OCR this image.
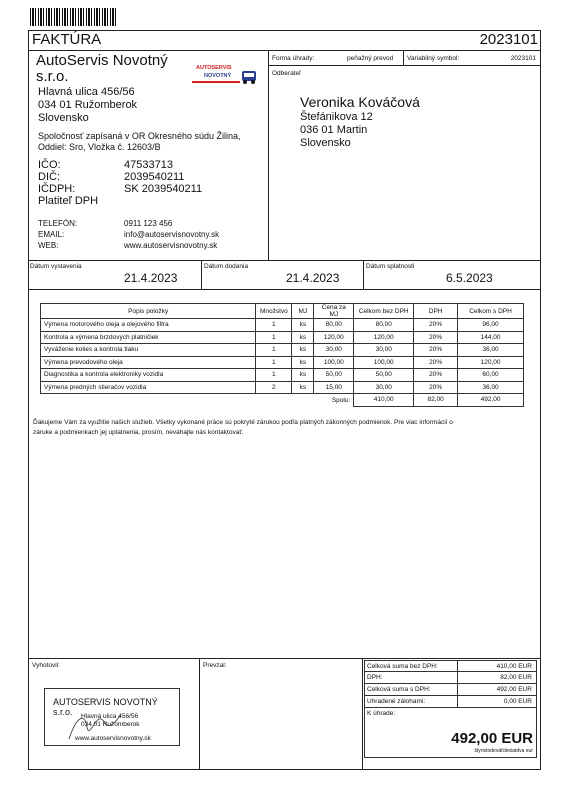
FAKTÚRA	2023101
AutoServis Novotný
s.r.o.
Hlavná ulica 456/56
034 01 Ružomberok
Slovensko
Spoločnosť zapísaná v OR Okresného súdu Žilina,
Oddiel: Sro, Vložka č. 12603/B
AUTOSERVIS
NOVOTNÝ
IČO:	47533713
DIČ:	2039540211
IČDPH:	SK 2039540211
Platiteľ DPH
TELEFÓN:	0911 123 456
EMAIL:	info@autoservisnovotny.sk
WEB:	www.autoservisnovotny.sk
Forma úhrady:	peňažný prevod Variabilný symbol:	2023101
Odberateľ
Veronika Kováčová
Štefánikova 12
036 01 Martin
Slovensko
Dátum vystavenia
21.4.2023
Dátum dodania
21.4.2023
Dátum splatnosti
6.5.2023
Popis položky	Množstvo	MJ	Cena za MJ	Celkom bez DPH	DPH	Celkom s DPH
Výmena motorového oleja a olejového filtra	1	ks	80,00	80,00	20%	96,00
Kontrola a výmena brzdových platničiek	1	ks	120,00	120,00	20%	144,00
Vyváženie kolies a kontrola tlaku	1	ks	30,00	30,00	20%	36,00
Výmena prevodového oleja	1	ks	100,00	100,00	20%	120,00
Diagnostika a kontrola elektroniky vozidla	1	ks	50,00	50,00	20%	60,00
Výmena predných stieračov vozidla	2	ks	15,00	30,00	20%	36,00
Spolu:				410,00	82,00	492,00
Ďakujeme Vám za využitie našich služieb. Všetky vykonané práce sú pokryté zárukou podľa platných zákonných podmienok. Pre viac informácií o
záruke a podmienkach jej uplatnenia, prosím, neváhajte nás kontaktovať.
Vyhotovil:	Prevzal:
AUTOSERVIS NOVOTNÝ s.r.o.	Hlavná ulica 456/56
034 01 Ružomberok
www.autoservisnovotny.sk
Celková suma bez DPH:	410,00 EUR
DPH:	82,00 EUR
Celková suma s DPH:	492,00 EUR
Uhradené zálohami:	0,00 EUR
K úhrade:
492,00 EUR
štyristodeväťdesiatdva eur
